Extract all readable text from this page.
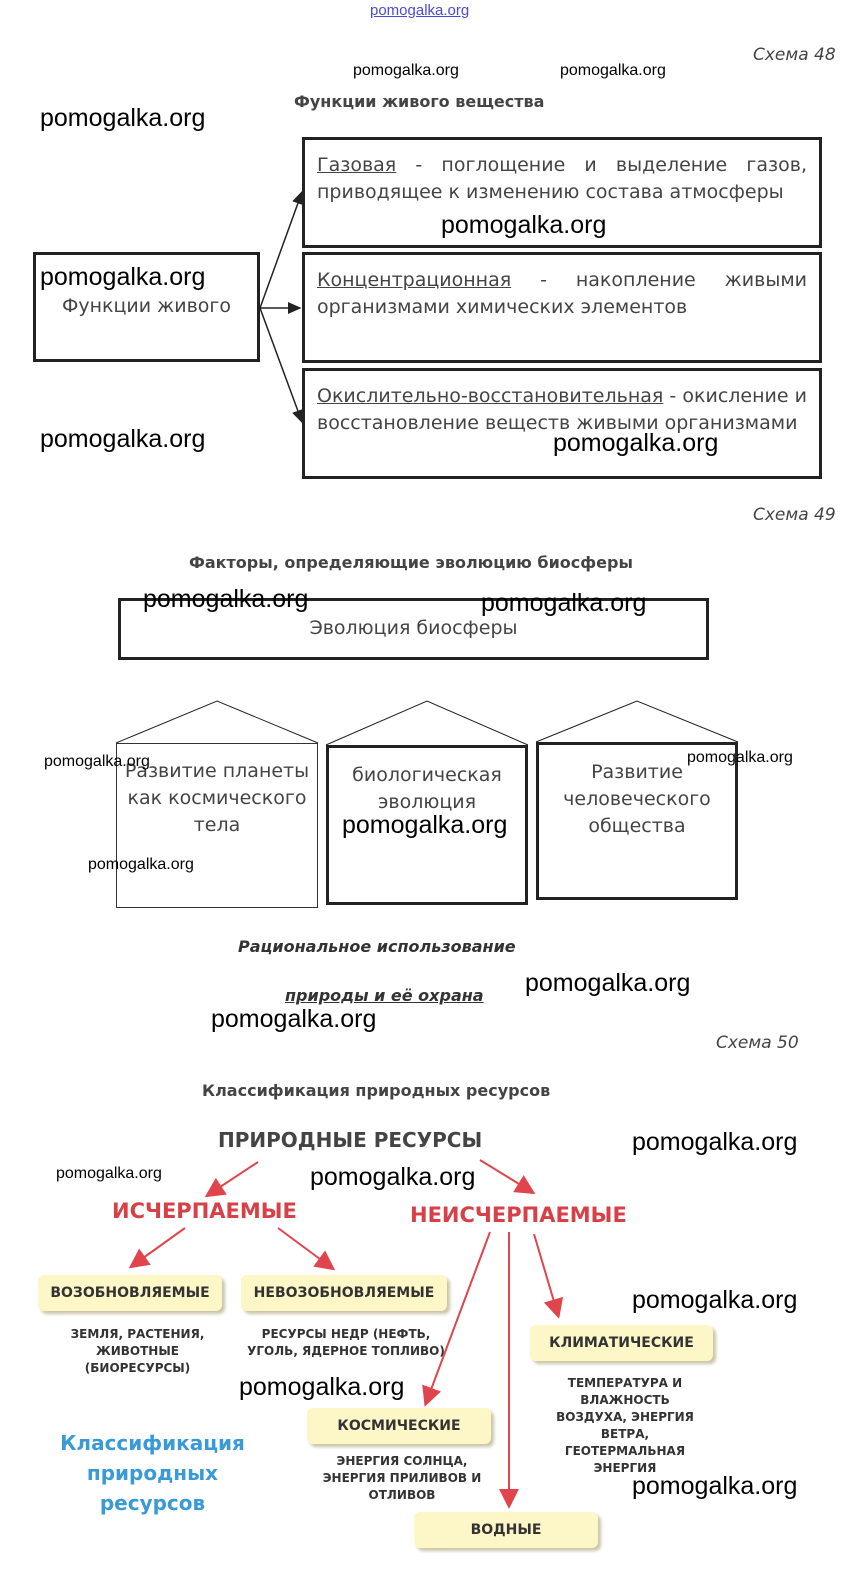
pomogalka.org
Схема 48
Функции живого вещества
Функции живого
Газовая - поглощение и выделение газов, приводящее к изменению состава атмосферы
Концентрационная - накопление живыми организмами химических элементов
Окислительно-восстановительная - окисление и восстановление веществ живыми организмами
Схема 49
Факторы, определяющие эволюцию биосферы
Эволюция биосферы
Развитие планеты как космического тела
биологическая эволюция
Развитие человеческого общества
Рациональное использование
природы и её охрана
Схема 50
Классификация природных ресурсов
ПРИРОДНЫЕ РЕСУРСЫ
ИСЧЕРПАЕМЫЕ	НЕИСЧЕРПАЕМЫЕ
ВОЗОБНОВЛЯЕМЫЕ	НЕВОЗОБНОВЛЯЕМЫЕ
КЛИМАТИЧЕСКИЕ
КОСМИЧЕСКИЕ
ВОДНЫЕ
ЗЕМЛЯ, РАСТЕНИЯ, ЖИВОТНЫЕ (БИОРЕСУРСЫ)
РЕСУРСЫ НЕДР (НЕФТЬ, УГОЛЬ, ЯДЕРНОЕ ТОПЛИВО)
ТЕМПЕРАТУРА И ВЛАЖНОСТЬ ВОЗДУХА, ЭНЕРГИЯ ВЕТРА, ГЕОТЕРМАЛЬНАЯ ЭНЕРГИЯ
ЭНЕРГИЯ СОЛНЦА, ЭНЕРГИЯ ПРИЛИВОВ И ОТЛИВОВ
Классификация природных ресурсов
pomogalka.org	pomogalka.org
pomogalka.org
pomogalka.org
pomogalka.org
pomogalka.org	pomogalka.org
pomogalka.org	pomogalka.org
pomogalka.org	pomogalka.org
pomogalka.org
pomogalka.org
pomogalka.org
pomogalka.org
pomogalka.org
pomogalka.org	pomogalka.org
pomogalka.org
pomogalka.org
pomogalka.org
